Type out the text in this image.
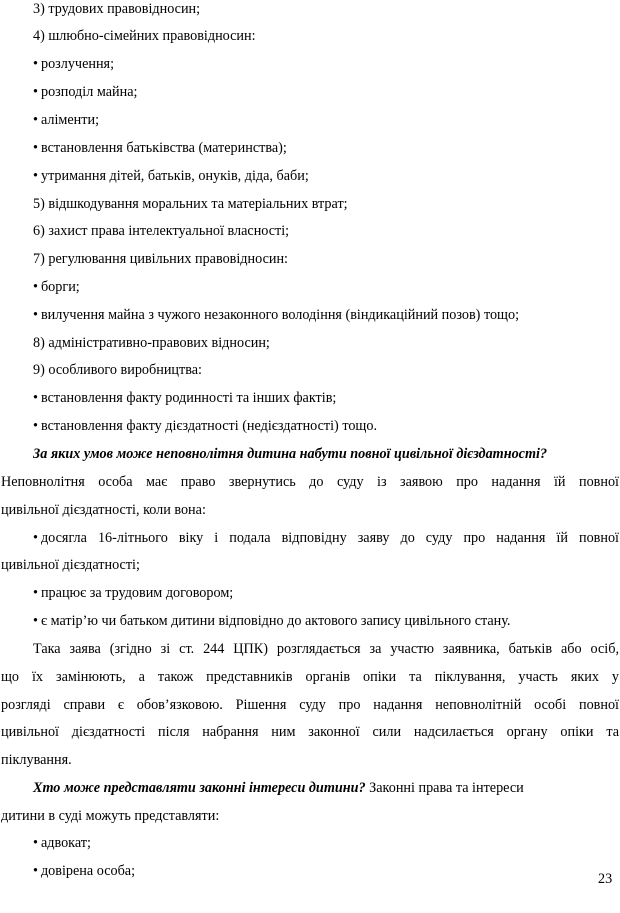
3) трудових правовідносин;
4) шлюбно-сімейних правовідносин:
• розлучення;
• розподіл майна;
• аліменти;
• встановлення батьківства (материнства);
• утримання дітей, батьків, онуків, діда, баби;
5) відшкодування моральних та матеріальних втрат;
6) захист права інтелектуальної власності;
7) регулювання цивільних правовідносин:
• борги;
• вилучення майна з чужого незаконного володіння (віндикаційний позов) тощо;
8) адміністративно-правових відносин;
9) особливого виробництва:
• встановлення факту родинності та інших фактів;
• встановлення факту дієздатності (недієздатності) тощо.
За яких умов може неповнолітня дитина набути повної цивільної дієздатності?
Неповнолітня особа має право звернутись до суду із заявою про надання їй повної
цивільної дієздатності, коли вона:
• досягла 16-літнього віку і подала відповідну заяву до суду про надання їй повної
цивільної дієздатності;
• працює за трудовим договором;
• є матір’ю чи батьком дитини відповідно до актового запису цивільного стану.
Така заява (згідно зі ст. 244 ЦПК) розглядається за участю заявника, батьків або осіб,
що їх замінюють, а також представників органів опіки та піклування, участь яких у
розгляді справи є обов’язковою. Рішення суду про надання неповнолітній особі повної
цивільної дієздатності після набрання ним законної сили надсилається органу опіки та
піклування.
Хто може представляти законні інтереси дитини? Законні права та інтереси
дитини в суді можуть представляти:
• адвокат;
• довірена особа;	23
